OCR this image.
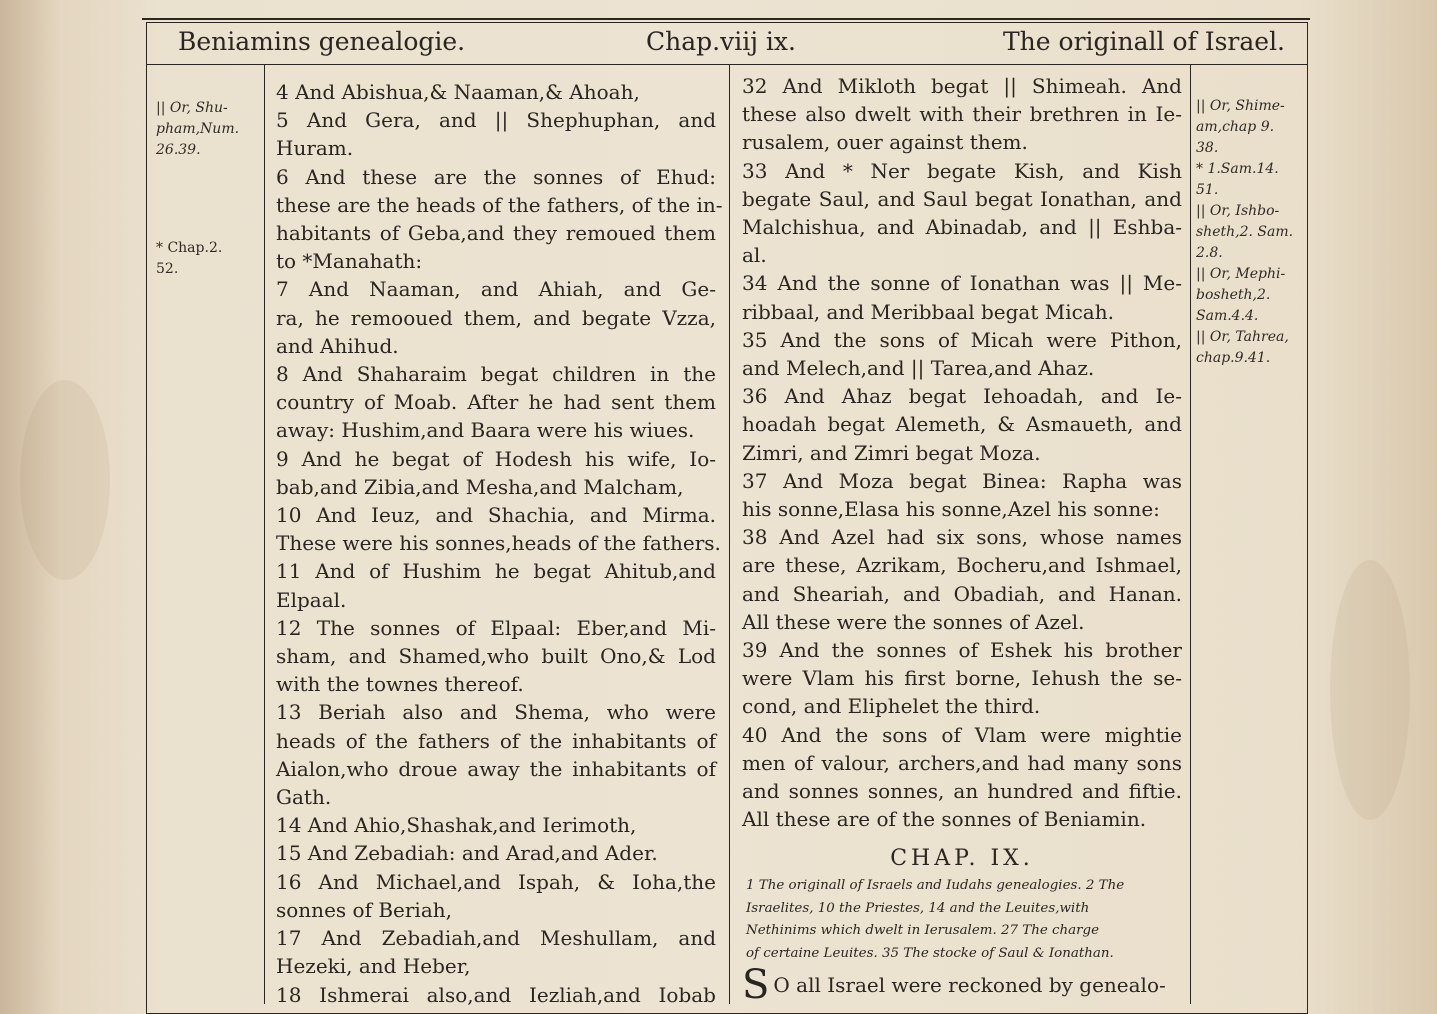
Beniamins genealogie.	Chap.viij ix.	The originall of Israel.
|| Or, Shu-
pham,Num.
26.39.
* Chap.2.
52.
|| Or, Shime-
am,chap 9.
38.
* 1.Sam.14.
51.
|| Or, Ishbo-
sheth,2. Sam.
2.8.
|| Or, Mephi-
bosheth,2.
Sam.4.4.
|| Or, Tahrea,
chap.9.41.
4 And Abishua,& Naaman,& Ahoah,
5 And Gera, and || Shephuphan, and
Huram.
6 And these are the sonnes of Ehud:
these are the heads of the fathers, of the in-
habitants of Geba,and they remoued them
to *Manahath:
7 And Naaman, and Ahiah, and Ge-
ra, he remooued them, and begate Vzza,
and Ahihud.
8 And Shaharaim begat children in the
country of Moab. After he had sent them
away: Hushim,and Baara were his wiues.
9 And he begat of Hodesh his wife, Io-
bab,and Zibia,and Mesha,and Malcham,
10 And Ieuz, and Shachia, and Mirma.
These were his sonnes,heads of the fathers.
11 And of Hushim he begat Ahitub,and
Elpaal.
12 The sonnes of Elpaal: Eber,and Mi-
sham, and Shamed,who built Ono,& Lod
with the townes thereof.
13 Beriah also and Shema, who were
heads of the fathers of the inhabitants of
Aialon,who droue away the inhabitants of
Gath.
14 And Ahio,Shashak,and Ierimoth,
15 And Zebadiah: and Arad,and Ader.
16 And Michael,and Ispah, & Ioha,the
sonnes of Beriah,
17 And Zebadiah,and Meshullam, and
Hezeki, and Heber,
18 Ishmerai also,and Iezliah,and Iobab
32 And Mikloth begat || Shimeah. And
these also dwelt with their brethren in Ie-
rusalem, ouer against them.
33 And * Ner begate Kish, and Kish
begate Saul, and Saul begat Ionathan, and
Malchishua, and Abinadab, and || Eshba-
al.
34 And the sonne of Ionathan was || Me-
ribbaal, and Meribbaal begat Micah.
35 And the sons of Micah were Pithon,
and Melech,and || Tarea,and Ahaz.
36 And Ahaz begat Iehoadah, and Ie-
hoadah begat Alemeth, & Asmaueth, and
Zimri, and Zimri begat Moza.
37 And Moza begat Binea: Rapha was
his sonne,Elasa his sonne,Azel his sonne:
38 And Azel had six sons, whose names
are these, Azrikam, Bocheru,and Ishmael,
and Sheariah, and Obadiah, and Hanan.
All these were the sonnes of Azel.
39 And the sonnes of Eshek his brother
were Vlam his first borne, Iehush the se-
cond, and Eliphelet the third.
40 And the sons of Vlam were mightie
men of valour, archers,and had many sons
and sonnes sonnes, an hundred and fiftie.
All these are of the sonnes of Beniamin.
CHAP. IX.
1 The originall of Israels and Iudahs genealogies. 2 The
Israelites, 10 the Priestes, 14 and the Leuites,with
Nethinims which dwelt in Ierusalem. 27 The charge
of certaine Leuites. 35 The stocke of Saul & Ionathan.
S O all Israel were reckoned by genealo-
